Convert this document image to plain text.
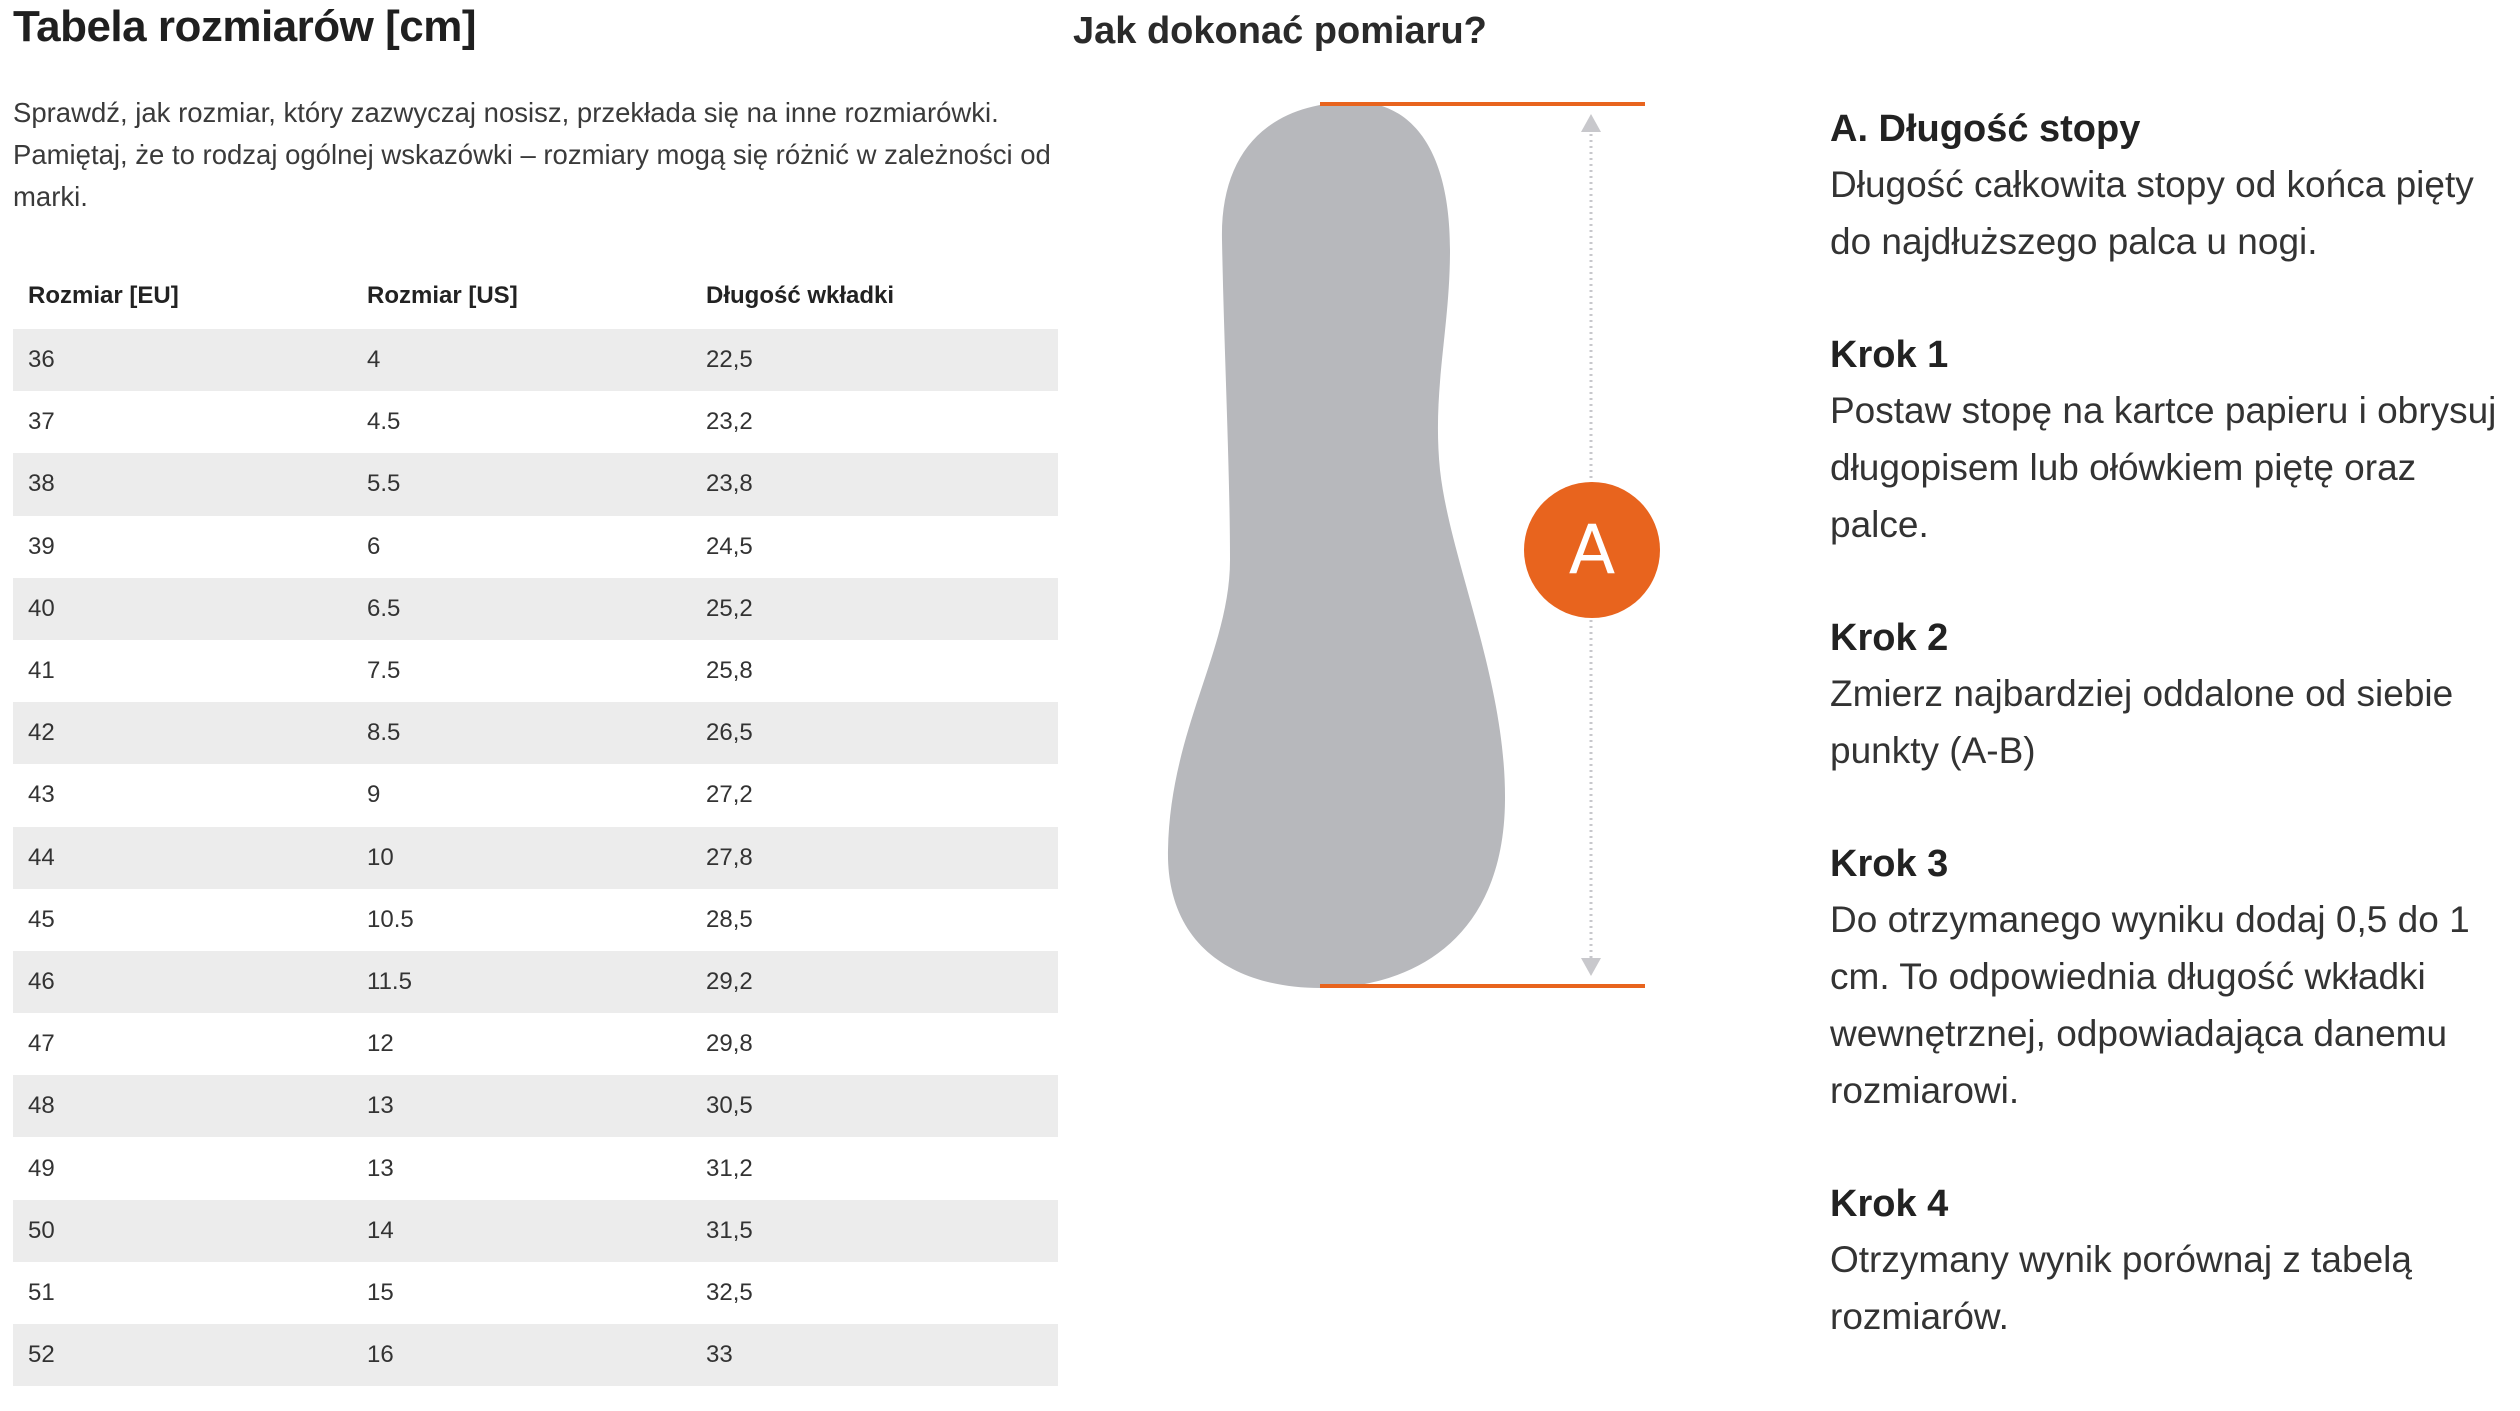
Tabela rozmiarów [cm]

Sprawdź, jak rozmiar, który zazwyczaj nosisz, przekłada się na inne rozmiarówki. Pamiętaj, że to rodzaj ogólnej wskazówki – rozmiary mogą się różnić w zależności od marki.

Rozmiar [EU]	Rozmiar [US]	Długość wkładki
36	4	22,5
37	4.5	23,2
38	5.5	23,8
39	6	24,5
40	6.5	25,2
41	7.5	25,8
42	8.5	26,5
43	9	27,2
44	10	27,8
45	10.5	28,5
46	11.5	29,2
47	12	29,8
48	13	30,5
49	13	31,2
50	14	31,5
51	15	32,5
52	16	33
Jak dokonać pomiaru?
A
A. Długość stopy
Długość całkowita stopy od końca pięty do najdłuższego palca u nogi.
Krok 1
Postaw stopę na kartce papieru i obrysuj długopisem lub ołówkiem piętę oraz palce.
Krok 2
Zmierz najbardziej oddalone od siebie punkty (A-B)
Krok 3
Do otrzymanego wyniku dodaj 0,5 do 1 cm. To odpowiednia długość wkładki wewnętrznej, odpowiadająca danemu rozmiarowi.
Krok 4
Otrzymany wynik porównaj z tabelą rozmiarów.
